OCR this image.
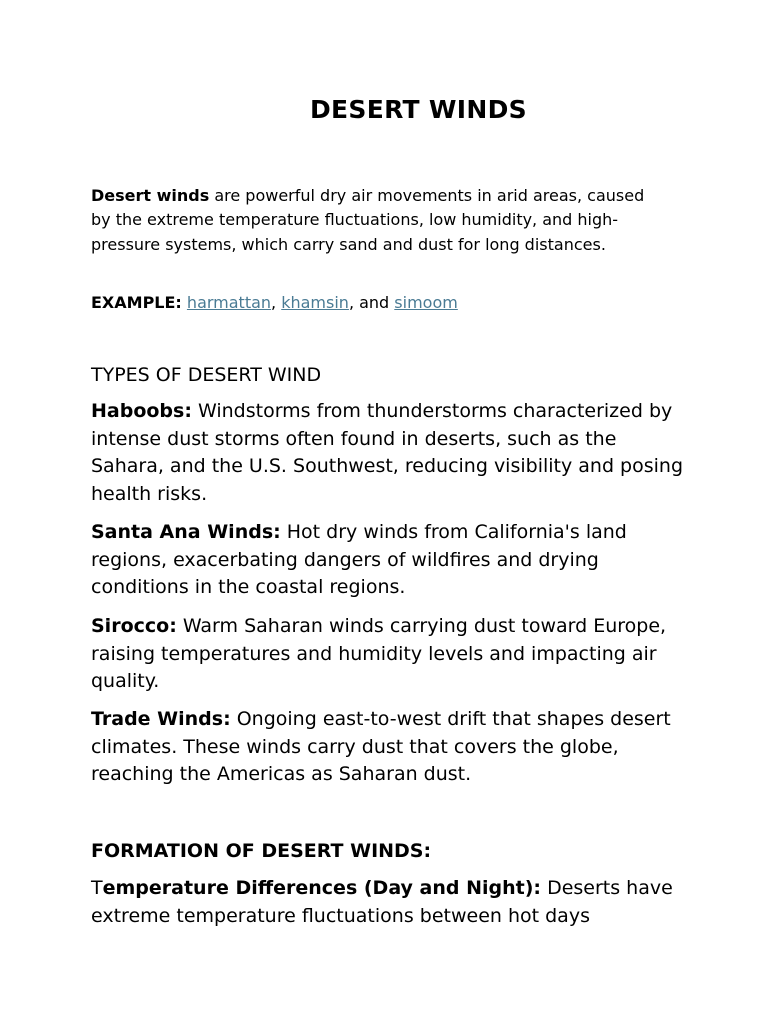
DESERT WINDS

Desert winds are powerful dry air movements in arid areas, caused by the extreme temperature fluctuations, low humidity, and high-pressure systems, which carry sand and dust for long distances.

EXAMPLE: harmattan, khamsin, and simoom

TYPES OF DESERT WIND

Haboobs: Windstorms from thunderstorms characterized by intense dust storms often found in deserts, such as the Sahara, and the U.S. Southwest, reducing visibility and posing health risks.

Santa Ana Winds: Hot dry winds from California's land regions, exacerbating dangers of wildfires and drying conditions in the coastal regions.

Sirocco: Warm Saharan winds carrying dust toward Europe, raising temperatures and humidity levels and impacting air quality.

Trade Winds: Ongoing east-to-west drift that shapes desert climates. These winds carry dust that covers the globe, reaching the Americas as Saharan dust.

FORMATION OF DESERT WINDS:

Temperature Differences (Day and Night): Deserts have extreme temperature fluctuations between hot days
